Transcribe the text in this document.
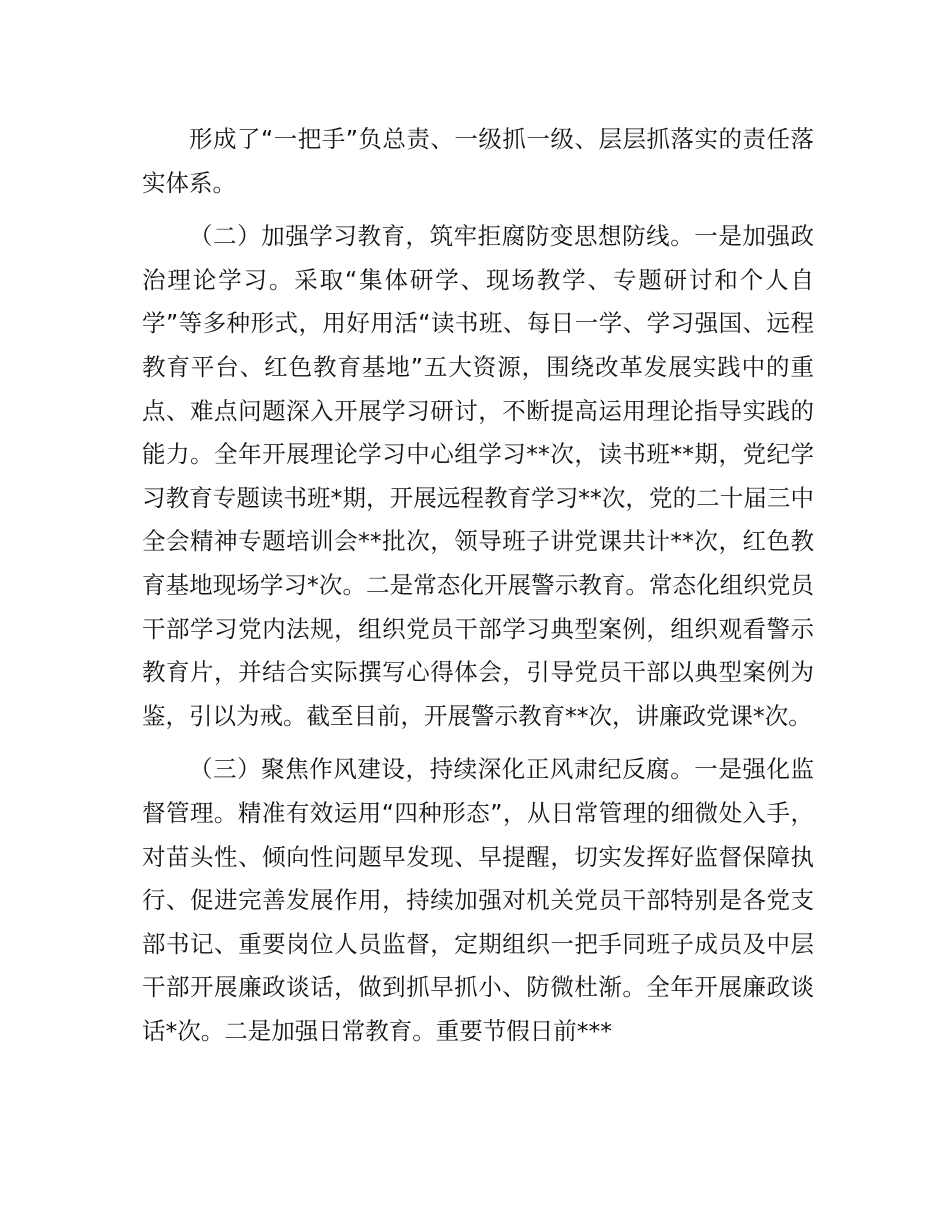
形成了“一把手”负总责、一级抓一级、层层抓落实的责任落实体系。

（二）加强学习教育，筑牢拒腐防变思想防线。一是加强政治理论学习。采取“集体研学、现场教学、专题研讨和个人自学”等多种形式，用好用活“读书班、每日一学、学习强国、远程教育平台、红色教育基地”五大资源，围绕改革发展实践中的重点、难点问题深入开展学习研讨，不断提高运用理论指导实践的能力。全年开展理论学习中心组学习**次，读书班**期，党纪学习教育专题读书班*期，开展远程教育学习**次，党的二十届三中全会精神专题培训会**批次，领导班子讲党课共计**次，红色教育基地现场学习*次。二是常态化开展警示教育。常态化组织党员干部学习党内法规，组织党员干部学习典型案例，组织观看警示教育片，并结合实际撰写心得体会，引导党员干部以典型案例为鉴，引以为戒。截至目前，开展警示教育**次，讲廉政党课*次。

（三）聚焦作风建设，持续深化正风肃纪反腐。一是强化监督管理。精准有效运用“四种形态”，从日常管理的细微处入手，对苗头性、倾向性问题早发现、早提醒，切实发挥好监督保障执行、促进完善发展作用，持续加强对机关党员干部特别是各党支部书记、重要岗位人员监督，定期组织一把手同班子成员及中层干部开展廉政谈话，做到抓早抓小、防微杜渐。全年开展廉政谈话*次。二是加强日常教育。重要节假日前***
